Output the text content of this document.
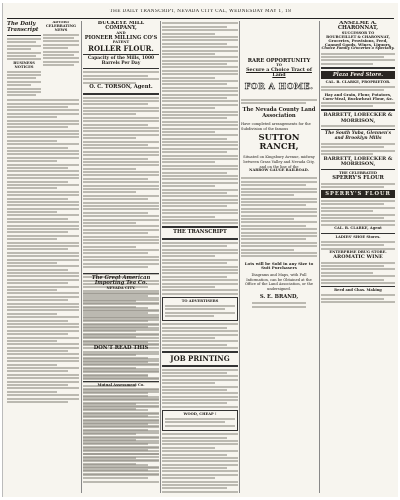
THE DAILY TRANSCRIPT, NEVADA CITY CAL, WEDNESDAY MAY 1, 18
The Daily Transcript
BUSINESS NOTICES
ADVERT CELEBRATING NEWS
BUCKEYE MILL COMPANY,
AND
PIONEER MILLING CO'S
PATENT
ROLLER FLOUR.
Capacity of the Mills, 1000 Barrels Per Day
O. C. TORSON, Agent.
The Great American Importing Tea Co.
NEVADA CITY.
DON'T READ THIS
Mutual Assessment Co.
THE TRANSCRIPT
TO ADVERTISERS
JOB PRINTING
WOOD, CHEAP !
RARE OPPORTUNITY
TO
Secure a Choice Tract of Land
FOR A HOME.
The Nevada County Land Association
Have completed arrangements for the Subdivision of the famous
SUTTON RANCH,
Situated on Kingsbury Avenue, midway between Grass Valley and Nevada City, and on the line of the
NARROW GAUGE RAILROAD.
Lots will be Sold in any Size to Suit Purchasers
Diagrams and Maps, with Full Information, can be Obtained at the Office of the Land Association, or the undersigned.
S. E. BRAND,
ANSELME A. CHARONNAT,
SUCCESSOR TO
BOURCEILLET & CHARONNAT,
Groceries, Provisions, Feed, Canned Goods, Wines, Liquors,
Choice Family Groceries a Specialty.
Plaza Feed Store.
CAL. B. CLARKE, PROPRIETOR.
Hay and Grain, Flour, Potatoes, Corn-Meal, Buckwheat Flour, &c.
BARRETT, LOBECKER & MORRISON,
The South Yuba, Glennen's and Brooklyn Mills
BARRETT, LOBECKER & MORRISON,
THE CELEBRATED
SPERRY'S FLOUR
SPERRY'S FLOUR
CAL. B. CLARKE, Agent
LADIES' SHOE Stores.
ENTERPRISE DRUG STORE.
AROMATIC WINE
Reed and Chas. Making
